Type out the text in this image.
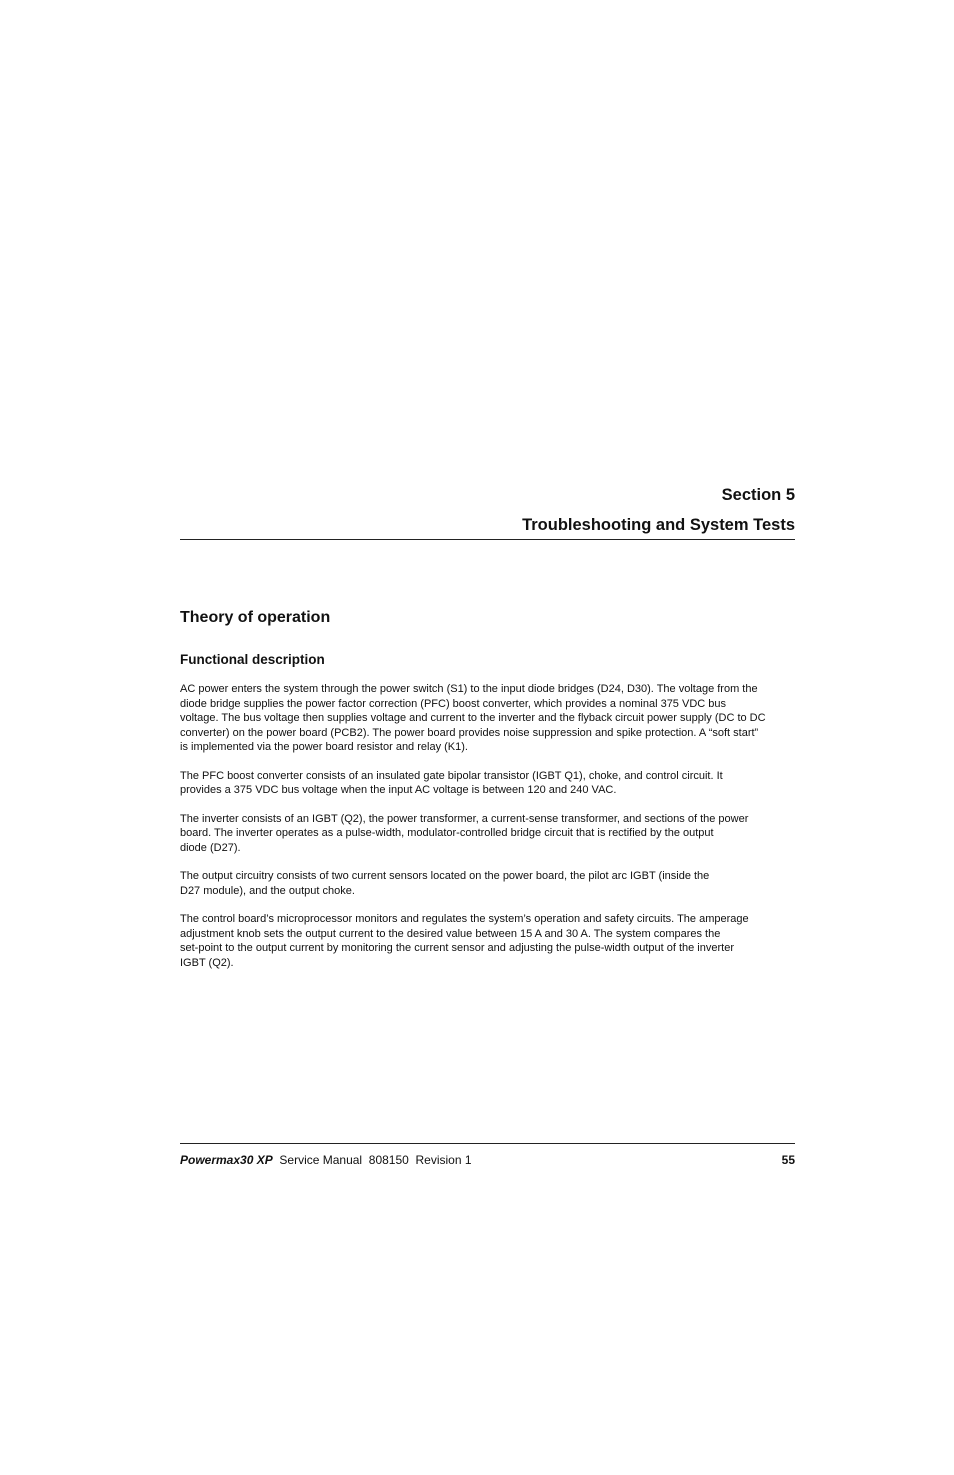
Section 5

Troubleshooting and System Tests

Theory of operation
Functional description

AC power enters the system through the power switch (S1) to the input diode bridges (D24, D30). The voltage from the
diode bridge supplies the power factor correction (PFC) boost converter, which provides a nominal 375 VDC bus
voltage. The bus voltage then supplies voltage and current to the inverter and the flyback circuit power supply (DC to DC
converter) on the power board (PCB2). The power board provides noise suppression and spike protection. A “soft start”
is implemented via the power board resistor and relay (K1).

The PFC boost converter consists of an insulated gate bipolar transistor (IGBT Q1), choke, and control circuit. It
provides a 375 VDC bus voltage when the input AC voltage is between 120 and 240 VAC.

The inverter consists of an IGBT (Q2), the power transformer, a current-sense transformer, and sections of the power
board. The inverter operates as a pulse-width, modulator-controlled bridge circuit that is rectified by the output
diode (D27).

The output circuitry consists of two current sensors located on the power board, the pilot arc IGBT (inside the
D27 module), and the output choke.

The control board’s microprocessor monitors and regulates the system’s operation and safety circuits. The amperage
adjustment knob sets the output current to the desired value between 15 A and 30 A. The system compares the
set-point to the output current by monitoring the current sensor and adjusting the pulse-width output of the inverter
IGBT (Q2).

Powermax30 XP Service Manual 808150 Revision 1	55
